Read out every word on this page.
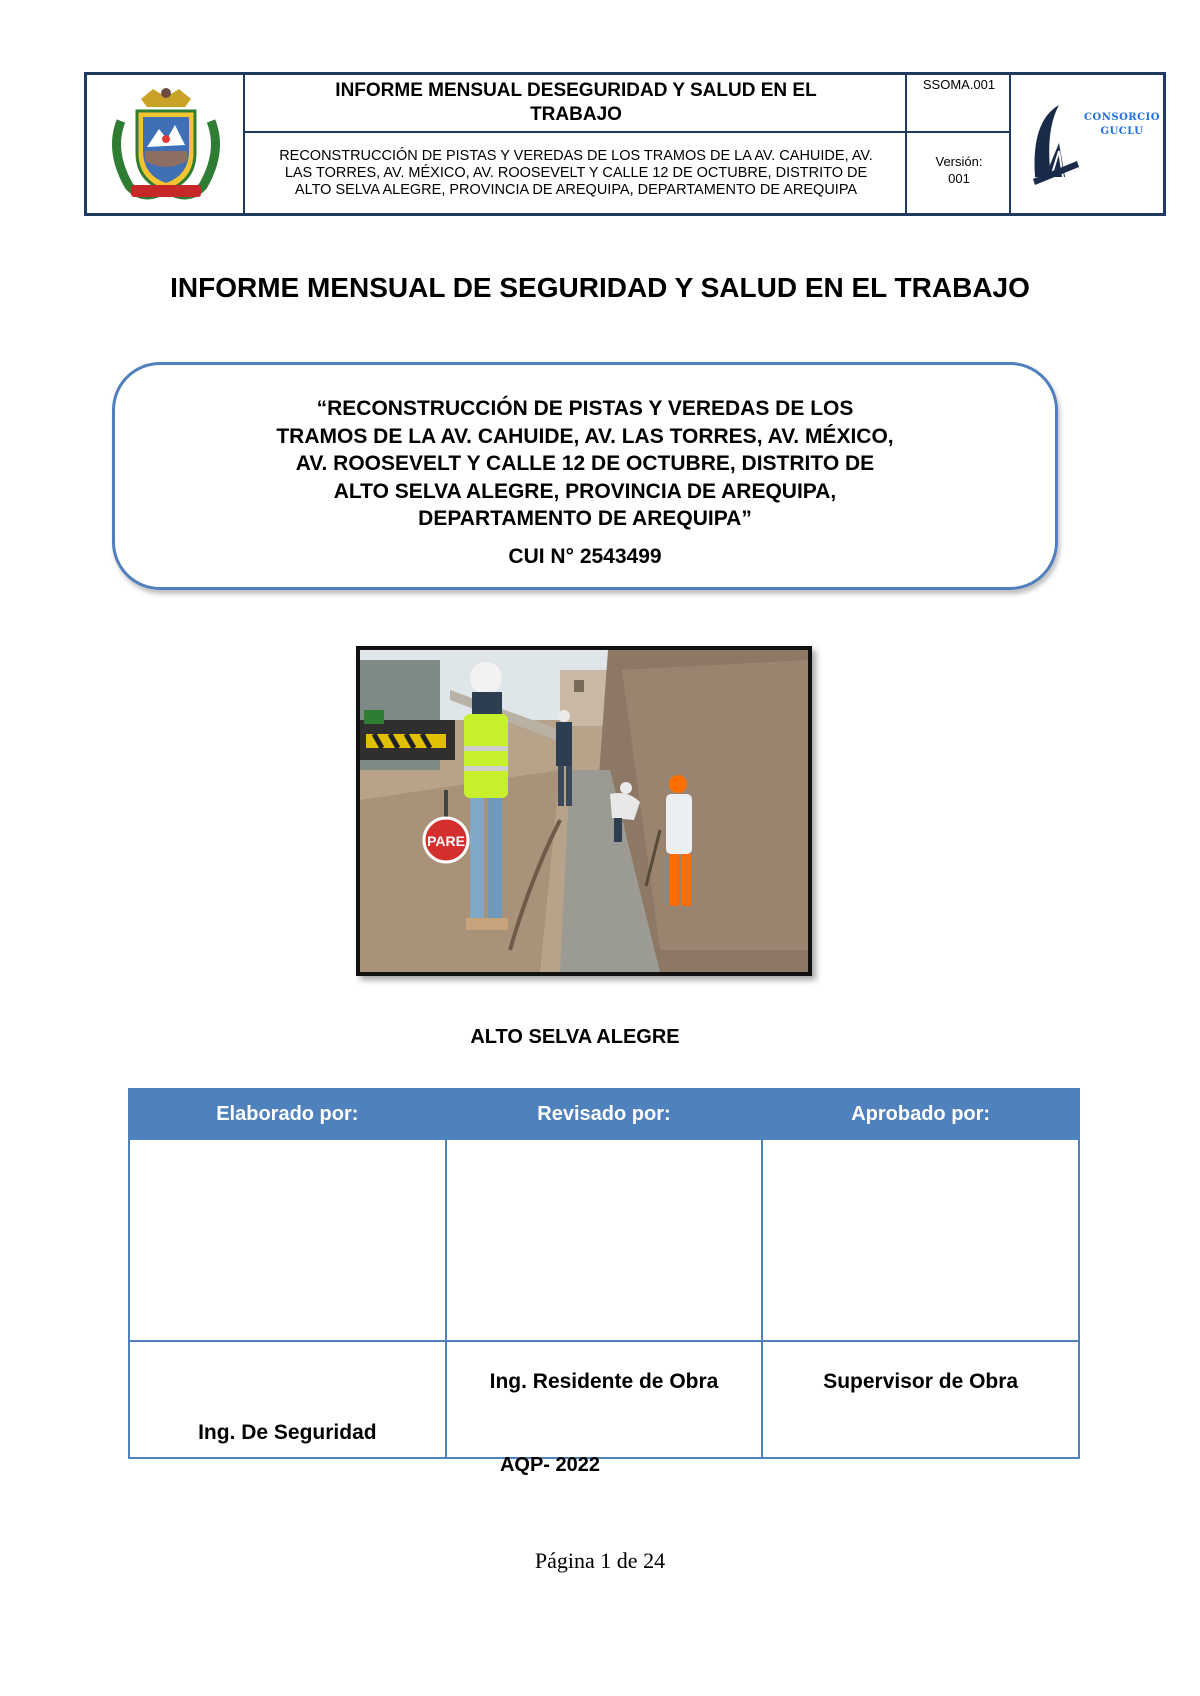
INFORME MENSUAL DESEGURIDAD Y SALUD EN EL TRABAJO
RECONSTRUCCIÓN DE PISTAS Y VEREDAS DE LOS TRAMOS DE LA AV. CAHUIDE, AV. LAS TORRES, AV. MÉXICO, AV. ROOSEVELT Y CALLE 12 DE OCTUBRE, DISTRITO DE ALTO SELVA ALEGRE, PROVINCIA DE AREQUIPA, DEPARTAMENTO DE AREQUIPA
SSOMA.001
Versión:
001
CONSORCIO GUCLU
INFORME MENSUAL DE SEGURIDAD Y SALUD EN EL TRABAJO
“RECONSTRUCCIÓN DE PISTAS Y VEREDAS DE LOS TRAMOS DE LA AV. CAHUIDE, AV. LAS TORRES, AV. MÉXICO, AV. ROOSEVELT Y CALLE 12 DE OCTUBRE, DISTRITO DE ALTO SELVA ALEGRE, PROVINCIA DE AREQUIPA, DEPARTAMENTO DE AREQUIPA”
CUI N° 2543499
PARE
ALTO SELVA ALEGRE
Elaborado por:	Revisado por:	Aprobado por:

Ing. De Seguridad	Ing. Residente de Obra	Supervisor de Obra
AQP- 2022
Página 1 de 24
